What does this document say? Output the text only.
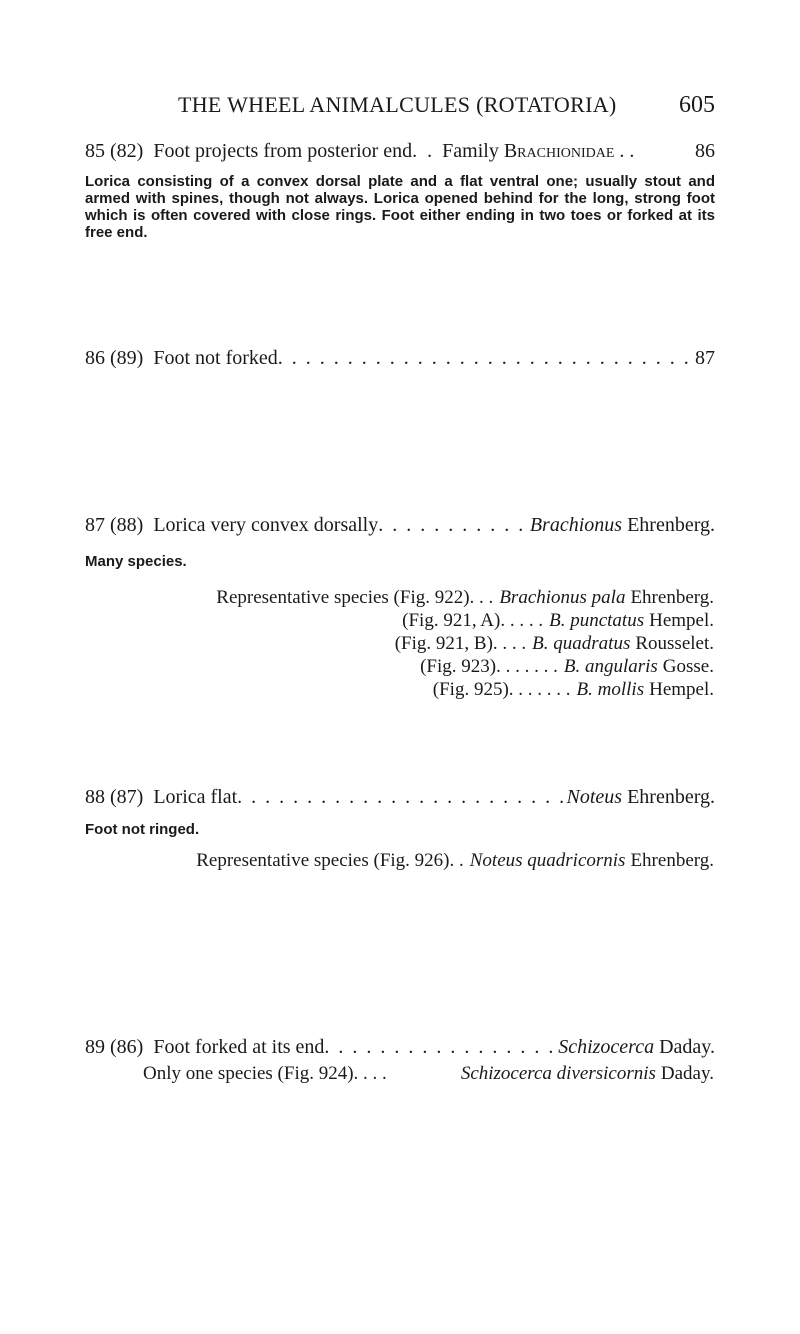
THE WHEEL ANIMALCULES (ROTATORIA)	605
85 (82) Foot projects from posterior end. . Family Brachionidae . .	86
Lorica consisting of a convex dorsal plate and a flat ventral one; usually stout and armed with spines, though not always. Lorica opened behind for the long, strong foot which is often covered with close rings. Foot either ending in two toes or forked at its free end.
86 (89) Foot not forked . . .	87
87 (88) Lorica very convex dorsally . . .	Brachionus Ehrenberg.
Many species.
Representative species (Fig. 922). . . Brachionus pala Ehrenberg.
(Fig. 921, A). . . . . B. punctatus Hempel.
(Fig. 921, B). . . . B. quadratus Rousselet.
(Fig. 923). . . . . . . B. angularis Gosse.
(Fig. 925). . . . . . . B. mollis Hempel.
88 (87) Lorica flat . . .	Noteus Ehrenberg.
Foot not ringed.
Representative species (Fig. 926). . Noteus quadricornis Ehrenberg.
89 (86) Foot forked at its end . . .	Schizocerca Daday.
Only one species (Fig. 924). . . .	Schizocerca diversicornis Daday.
